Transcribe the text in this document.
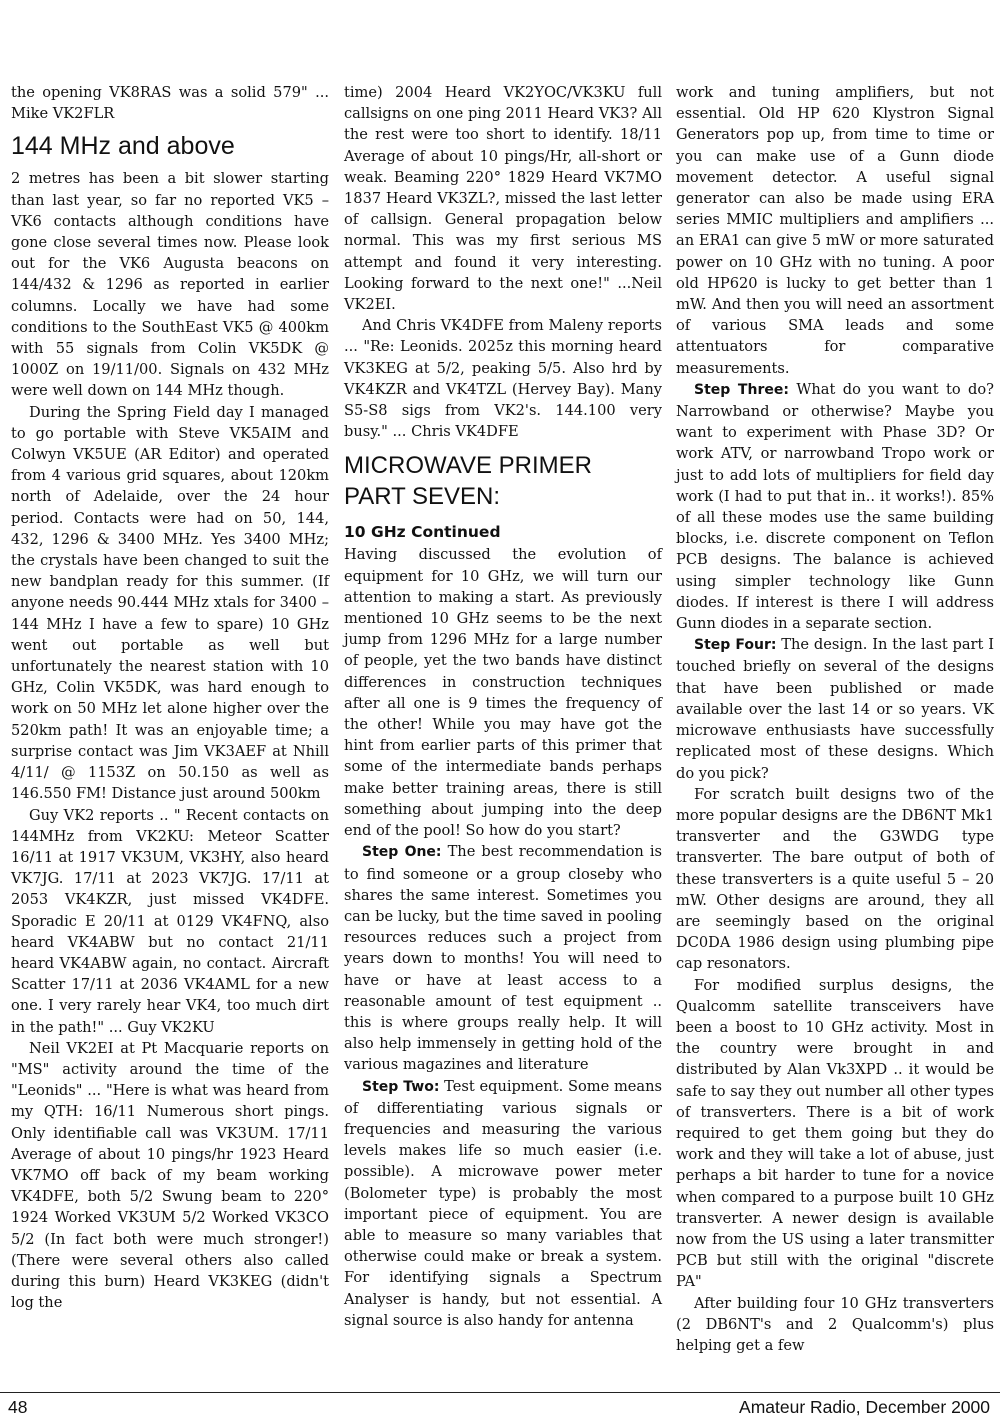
the opening VK8RAS was a solid 579" ... Mike VK2FLR

144 MHz and above

2 metres has been a bit slower starting than last year, so far no reported VK5 – VK6 contacts although conditions have gone close several times now. Please look out for the VK6 Augusta beacons on 144/432 & 1296 as reported in earlier columns. Locally we have had some conditions to the SouthEast VK5 @ 400km with 55 signals from Colin VK5DK @ 1000Z on 19/11/00. Signals on 432 MHz were well down on 144 MHz though.

During the Spring Field day I managed to go portable with Steve VK5AIM and Colwyn VK5UE (AR Editor) and operated from 4 various grid squares, about 120km north of Adelaide, over the 24 hour period. Contacts were had on 50, 144, 432, 1296 & 3400 MHz. Yes 3400 MHz; the crystals have been changed to suit the new bandplan ready for this summer. (If anyone needs 90.444 MHz xtals for 3400 – 144 MHz I have a few to spare) 10 GHz went out portable as well but unfortunately the nearest station with 10 GHz, Colin VK5DK, was hard enough to work on 50 MHz let alone higher over the 520km path! It was an enjoyable time; a surprise contact was Jim VK3AEF at Nhill 4/11/ @ 1153Z on 50.150 as well as 146.550 FM! Distance just around 500km

Guy VK2 reports .. " Recent contacts on 144MHz from VK2KU: Meteor Scatter 16/11 at 1917 VK3UM, VK3HY, also heard VK7JG. 17/11 at 2023 VK7JG. 17/11 at 2053 VK4KZR, just missed VK4DFE. Sporadic E 20/11 at 0129 VK4FNQ, also heard VK4ABW but no contact 21/11 heard VK4ABW again, no contact. Aircraft Scatter 17/11 at 2036 VK4AML for a new one. I very rarely hear VK4, too much dirt in the path!" ... Guy VK2KU

Neil VK2EI at Pt Macquarie reports on "MS" activity around the time of the "Leonids" ... "Here is what was heard from my QTH: 16/11 Numerous short pings. Only identifiable call was VK3UM. 17/11 Average of about 10 pings/hr 1923 Heard VK7MO off back of my beam working VK4DFE, both 5/2 Swung beam to 220° 1924 Worked VK3UM 5/2 Worked VK3CO 5/2 (In fact both were much stronger!) (There were several others also called during this burn) Heard VK3KEG (didn't log the

time) 2004 Heard VK2YOC/VK3KU full callsigns on one ping 2011 Heard VK3? All the rest were too short to identify. 18/11 Average of about 10 pings/Hr, all-short or weak. Beaming 220° 1829 Heard VK7MO 1837 Heard VK3ZL?, missed the last letter of callsign. General propagation below normal. This was my first serious MS attempt and found it very interesting. Looking forward to the next one!" ...Neil VK2EI.

And Chris VK4DFE from Maleny reports ... "Re: Leonids. 2025z this morning heard VK3KEG at 5/2, peaking 5/5. Also hrd by VK4KZR and VK4TZL (Hervey Bay). Many S5-S8 sigs from VK2's. 144.100 very busy." ... Chris VK4DFE

MICROWAVE PRIMER
PART SEVEN:
10 GHz Continued

Having discussed the evolution of equipment for 10 GHz, we will turn our attention to making a start. As previously mentioned 10 GHz seems to be the next jump from 1296 MHz for a large number of people, yet the two bands have distinct differences in construction techniques after all one is 9 times the frequency of the other! While you may have got the hint from earlier parts of this primer that some of the intermediate bands perhaps make better training areas, there is still something about jumping into the deep end of the pool! So how do you start?

Step One: The best recommendation is to find someone or a group closeby who shares the same interest. Sometimes you can be lucky, but the time saved in pooling resources reduces such a project from years down to months! You will need to have or have at least access to a reasonable amount of test equipment .. this is where groups really help. It will also help immensely in getting hold of the various magazines and literature

Step Two: Test equipment. Some means of differentiating various signals or frequencies and measuring the various levels makes life so much easier (i.e. possible). A microwave power meter (Bolometer type) is probably the most important piece of equipment. You are able to measure so many variables that otherwise could make or break a system. For identifying signals a Spectrum Analyser is handy, but not essential. A signal source is also handy for antenna

work and tuning amplifiers, but not essential. Old HP 620 Klystron Signal Generators pop up, from time to time or you can make use of a Gunn diode movement detector. A useful signal generator can also be made using ERA series MMIC multipliers and amplifiers ... an ERA1 can give 5 mW or more saturated power on 10 GHz with no tuning. A poor old HP620 is lucky to get better than 1 mW. And then you will need an assortment of various SMA leads and some attentuators for comparative measurements.

Step Three: What do you want to do? Narrowband or otherwise? Maybe you want to experiment with Phase 3D? Or work ATV, or narrowband Tropo work or just to add lots of multipliers for field day work (I had to put that in.. it works!). 85% of all these modes use the same building blocks, i.e. discrete component on Teflon PCB designs. The balance is achieved using simpler technology like Gunn diodes. If interest is there I will address Gunn diodes in a separate section.

Step Four: The design. In the last part I touched briefly on several of the designs that have been published or made available over the last 14 or so years. VK microwave enthusiasts have successfully replicated most of these designs. Which do you pick?

For scratch built designs two of the more popular designs are the DB6NT Mk1 transverter and the G3WDG type transverter. The bare output of both of these transverters is a quite useful 5 – 20 mW. Other designs are around, they all are seemingly based on the original DC0DA 1986 design using plumbing pipe cap resonators.

For modified surplus designs, the Qualcomm satellite transceivers have been a boost to 10 GHz activity. Most in the country were brought in and distributed by Alan Vk3XPD .. it would be safe to say they out number all other types of transverters. There is a bit of work required to get them going but they do work and they will take a lot of abuse, just perhaps a bit harder to tune for a novice when compared to a purpose built 10 GHz transverter. A newer design is available now from the US using a later transmitter PCB but still with the original "discrete PA"

After building four 10 GHz transverters (2 DB6NT's and 2 Qualcomm's) plus helping get a few

48	Amateur Radio, December 2000
